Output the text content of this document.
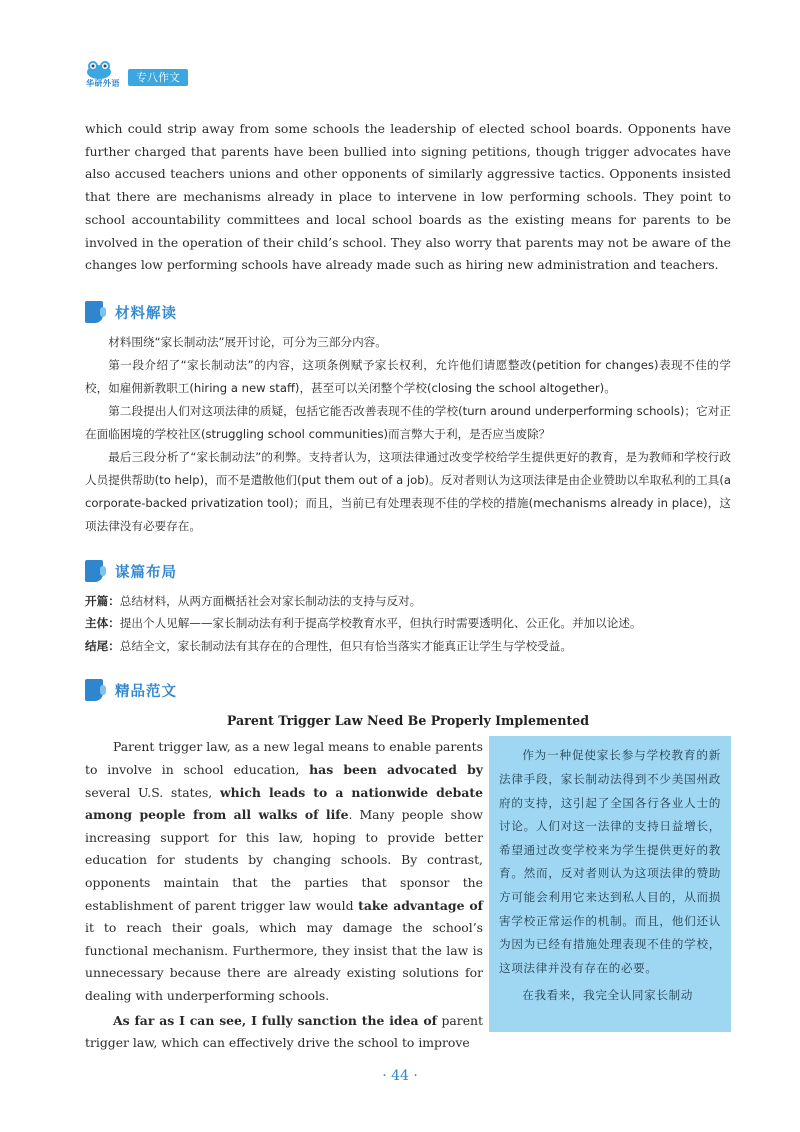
华研外语	专八作文

which could strip away from some schools the leadership of elected school boards. Opponents have further charged that parents have been bullied into signing petitions, though trigger advocates have also accused teachers unions and other opponents of similarly aggressive tactics. Opponents insisted that there are mechanisms already in place to intervene in low performing schools. They point to school accountability committees and local school boards as the existing means for parents to be involved in the operation of their child’s school. They also worry that parents may not be aware of the changes low performing schools have already made such as hiring new administration and teachers.

材料解读

材料围绕“家长制动法”展开讨论，可分为三部分内容。

第一段介绍了“家长制动法”的内容，这项条例赋予家长权利，允许他们请愿整改(petition for changes)表现不佳的学校，如雇佣新教职工(hiring a new staff)，甚至可以关闭整个学校(closing the school altogether)。

第二段提出人们对这项法律的质疑，包括它能否改善表现不佳的学校(turn around underperforming schools)；它对正在面临困境的学校社区(struggling school communities)而言弊大于利，是否应当废除？

最后三段分析了“家长制动法”的利弊。支持者认为，这项法律通过改变学校给学生提供更好的教育，是为教师和学校行政人员提供帮助(to help)，而不是遣散他们(put them out of a job)。反对者则认为这项法律是由企业赞助以牟取私利的工具(a corporate-backed privatization tool)；而且，当前已有处理表现不佳的学校的措施(mechanisms already in place)，这项法律没有必要存在。

谋篇布局

开篇：总结材料，从两方面概括社会对家长制动法的支持与反对。

主体：提出个人见解——家长制动法有利于提高学校教育水平，但执行时需要透明化、公正化。并加以论述。

结尾：总结全文，家长制动法有其存在的合理性，但只有恰当落实才能真正让学生与学校受益。

精品范文
Parent Trigger Law Need Be Properly Implemented

Parent trigger law, as a new legal means to enable parents to involve in school education, has been advocated by several U.S. states, which leads to a nationwide debate among people from all walks of life. Many people show increasing support for this law, hoping to provide better education for students by changing schools. By contrast, opponents maintain that the parties that sponsor the establishment of parent trigger law would take advantage of it to reach their goals, which may damage the school’s functional mechanism. Furthermore, they insist that the law is unnecessary because there are already existing solutions for dealing with underperforming schools.

As far as I can see, I fully sanction the idea of parent trigger law, which can effectively drive the school to improve

作为一种促使家长参与学校教育的新法律手段，家长制动法得到不少美国州政府的支持，这引起了全国各行各业人士的讨论。人们对这一法律的支持日益增长，希望通过改变学校来为学生提供更好的教育。然而，反对者则认为这项法律的赞助方可能会利用它来达到私人目的，从而损害学校正常运作的机制。而且，他们还认为因为已经有措施处理表现不佳的学校，这项法律并没有存在的必要。

在我看来，我完全认同家长制动

· 44 ·
